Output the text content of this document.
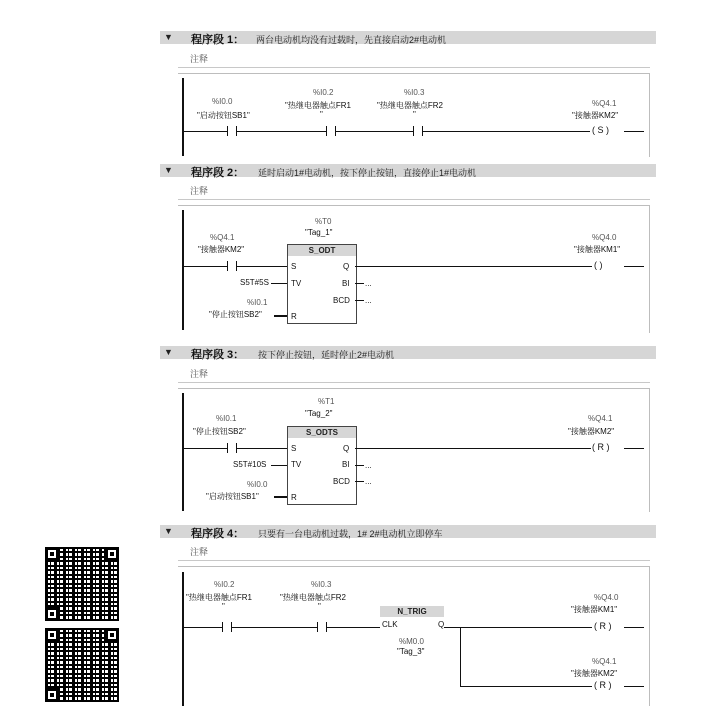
▼ 程序段 1： 两台电动机均没有过载时，先直接启动2#电动机
注释
%I0.0
"启动按钮SB1"
%I0.2
"热继电器触点FR1
"
%I0.3
"热继电器触点FR2
"
%Q4.1
"接触器KM2"
( S )
▼ 程序段 2： 延时启动1#电动机，按下停止按钮，直接停止1#电动机
注释
%Q4.1
"接触器KM2"
%T0
"Tag_1"
S_ODT
S
TV
R
Q
BI
BCD
S5T#5S
%I0.1
"停止按钮SB2"
...
...
%Q4.0
"接触器KM1"
( )
▼ 程序段 3： 按下停止按钮，延时停止2#电动机
注释
%I0.1
"停止按钮SB2"
%T1
"Tag_2"
S_ODTS
S
TV
R
Q
BI
BCD
S5T#10S
%I0.0
"启动按钮SB1"
...
...
%Q4.1
"接触器KM2"
( R )
▼ 程序段 4： 只要有一台电动机过载，1# 2#电动机立即停车
注释
%I0.2
"热继电器触点FR1
"
%I0.3
"热继电器触点FR2
"
N_TRIG
CLK	Q
%M0.0
"Tag_3"
%Q4.0
"接触器KM1"
%Q4.1
"接触器KM2"
( R )
( R )
